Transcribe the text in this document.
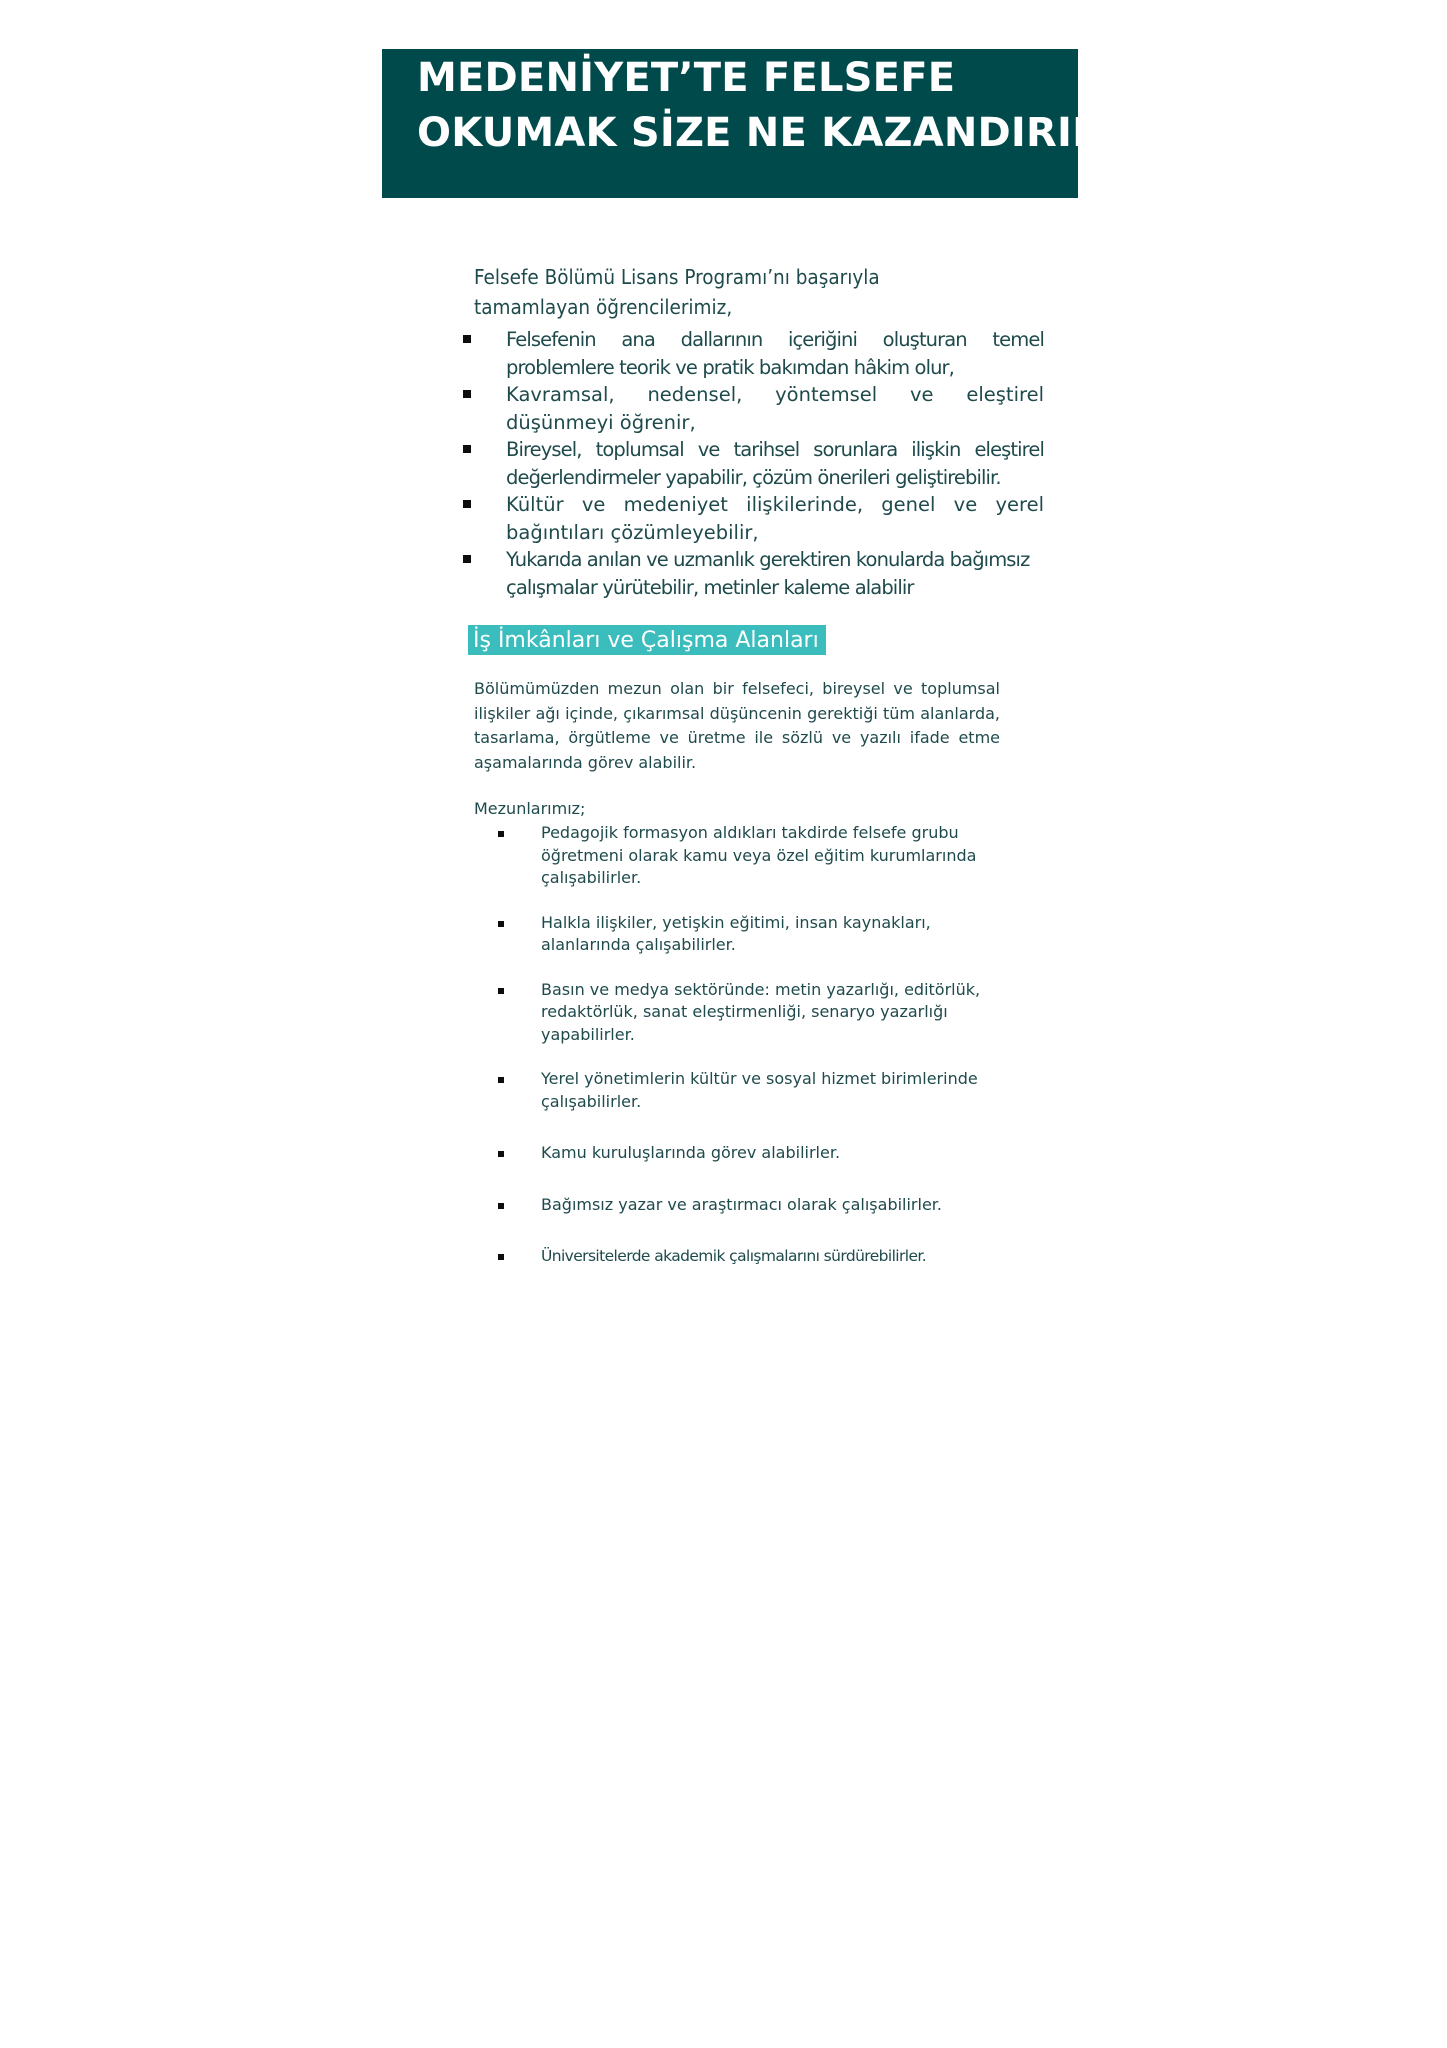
MEDENİYET’TE FELSEFE
OKUMAK SİZE NE KAZANDIRIR?
Felsefe Bölümü Lisans Programı’nı başarıyla
tamamlayan öğrencilerimiz,
Felsefenin ana dallarının içeriğini oluşturan temel problemlere teorik ve pratik bakımdan hâkim olur,
Kavramsal, nedensel, yöntemsel ve eleştirel düşünmeyi öğrenir,
Bireysel, toplumsal ve tarihsel sorunlara ilişkin eleştirel değerlendirmeler yapabilir, çözüm önerileri geliştirebilir.
Kültür ve medeniyet ilişkilerinde, genel ve yerel bağıntıları çözümleyebilir,
Yukarıda anılan ve uzmanlık gerektiren konularda bağımsız çalışmalar yürütebilir, metinler kaleme alabilir
İş İmkânları ve Çalışma Alanları

Bölümümüzden mezun olan bir felsefeci, bireysel ve toplumsal ilişkiler ağı içinde, çıkarımsal düşüncenin gerektiği tüm alanlarda, tasarlama, örgütleme ve üretme ile sözlü ve yazılı ifade etme aşamalarında görev alabilir.

Mezunlarımız;

Pedagojik formasyon aldıkları takdirde felsefe grubu öğretmeni olarak kamu veya özel eğitim kurumlarında çalışabilirler.
Halkla ilişkiler, yetişkin eğitimi, insan kaynakları, alanlarında çalışabilirler.
Basın ve medya sektöründe: metin yazarlığı, editörlük, redaktörlük, sanat eleştirmenliği, senaryo yazarlığı yapabilirler.
Yerel yönetimlerin kültür ve sosyal hizmet birimlerinde çalışabilirler.
Kamu kuruluşlarında görev alabilirler.
Bağımsız yazar ve araştırmacı olarak çalışabilirler.
Üniversitelerde akademik çalışmalarını sürdürebilirler.
